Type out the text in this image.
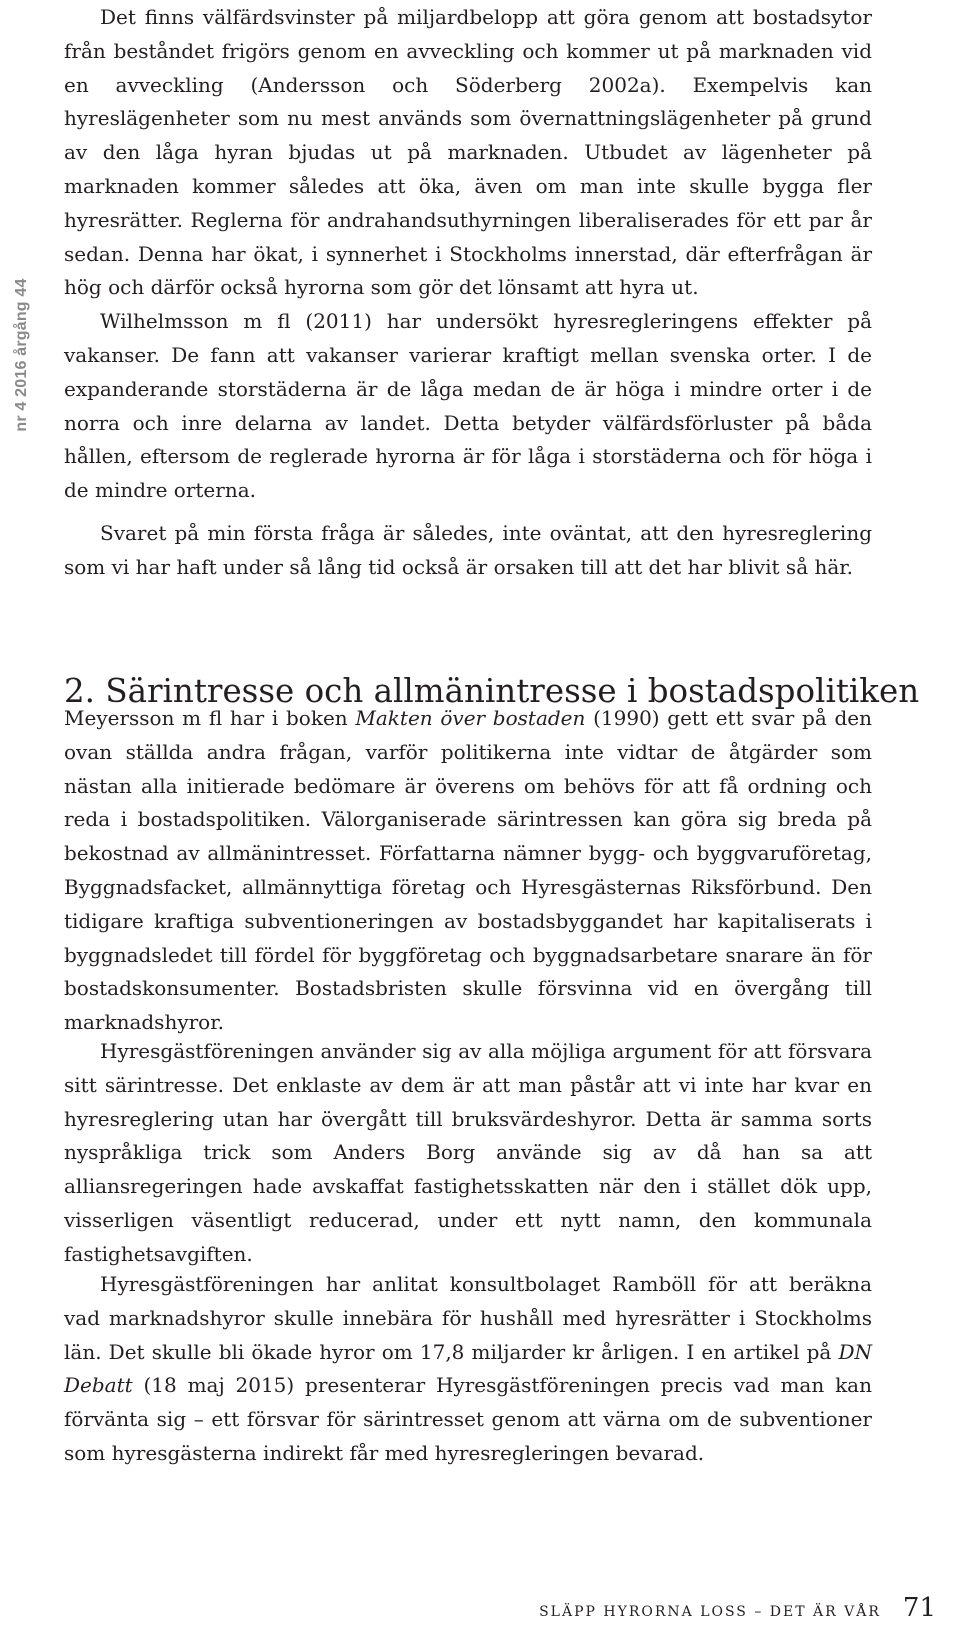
nr 4 2016 årgång 44

Det finns välfärdsvinster på miljardbelopp att göra genom att bostadsytor från beståndet frigörs genom en avveckling och kommer ut på marknaden vid en avveckling (Andersson och Söderberg 2002a). Exempelvis kan hyreslägenheter som nu mest används som övernattningslägenheter på grund av den låga hyran bjudas ut på marknaden. Utbudet av lägenheter på marknaden kommer således att öka, även om man inte skulle bygga fler hyresrätter. Reglerna för andrahandsuthyrningen liberaliserades för ett par år sedan. Denna har ökat, i synnerhet i Stockholms innerstad, där efterfrågan är hög och därför också hyrorna som gör det lönsamt att hyra ut.

Wilhelmsson m fl (2011) har undersökt hyresregleringens effekter på vakanser. De fann att vakanser varierar kraftigt mellan svenska orter. I de expanderande storstäderna är de låga medan de är höga i mindre orter i de norra och inre delarna av landet. Detta betyder välfärdsförluster på båda hållen, eftersom de reglerade hyrorna är för låga i storstäderna och för höga i de mindre orterna.

Svaret på min första fråga är således, inte oväntat, att den hyresreglering som vi har haft under så lång tid också är orsaken till att det har blivit så här.

2. Särintresse och allmänintresse i bostadspolitiken

Meyersson m fl har i boken Makten över bostaden (1990) gett ett svar på den ovan ställda andra frågan, varför politikerna inte vidtar de åtgärder som nästan alla initierade bedömare är överens om behövs för att få ordning och reda i bostadspolitiken. Välorganiserade särintressen kan göra sig breda på bekostnad av allmänintresset. Författarna nämner bygg- och byggvaruföretag, Byggnadsfacket, allmännyttiga företag och Hyresgästernas Riksförbund. Den tidigare kraftiga subventioneringen av bostadsbyggandet har kapitaliserats i byggnadsledet till fördel för byggföretag och byggnadsarbetare snarare än för bostadskonsumenter. Bostadsbristen skulle försvinna vid en övergång till marknadshyror.

Hyresgästföreningen använder sig av alla möjliga argument för att försvara sitt särintresse. Det enklaste av dem är att man påstår att vi inte har kvar en hyresreglering utan har övergått till bruksvärdeshyror. Detta är samma sorts nyspråkliga trick som Anders Borg använde sig av då han sa att alliansregeringen hade avskaffat fastighetsskatten när den i stället dök upp, visserligen väsentligt reducerad, under ett nytt namn, den kommunala fastighetsavgiften.

Hyresgästföreningen har anlitat konsultbolaget Ramböll för att beräkna vad marknadshyror skulle innebära för hushåll med hyresrätter i Stockholms län. Det skulle bli ökade hyror om 17,8 miljarder kr årligen. I en artikel på DN Debatt (18 maj 2015) presenterar Hyresgästföreningen precis vad man kan förvänta sig – ett försvar för särintresset genom att värna om de subventioner som hyresgästerna indirekt får med hyresregleringen bevarad.

SLÄPP HYRORNA LOSS – DET ÄR VÅR 71
